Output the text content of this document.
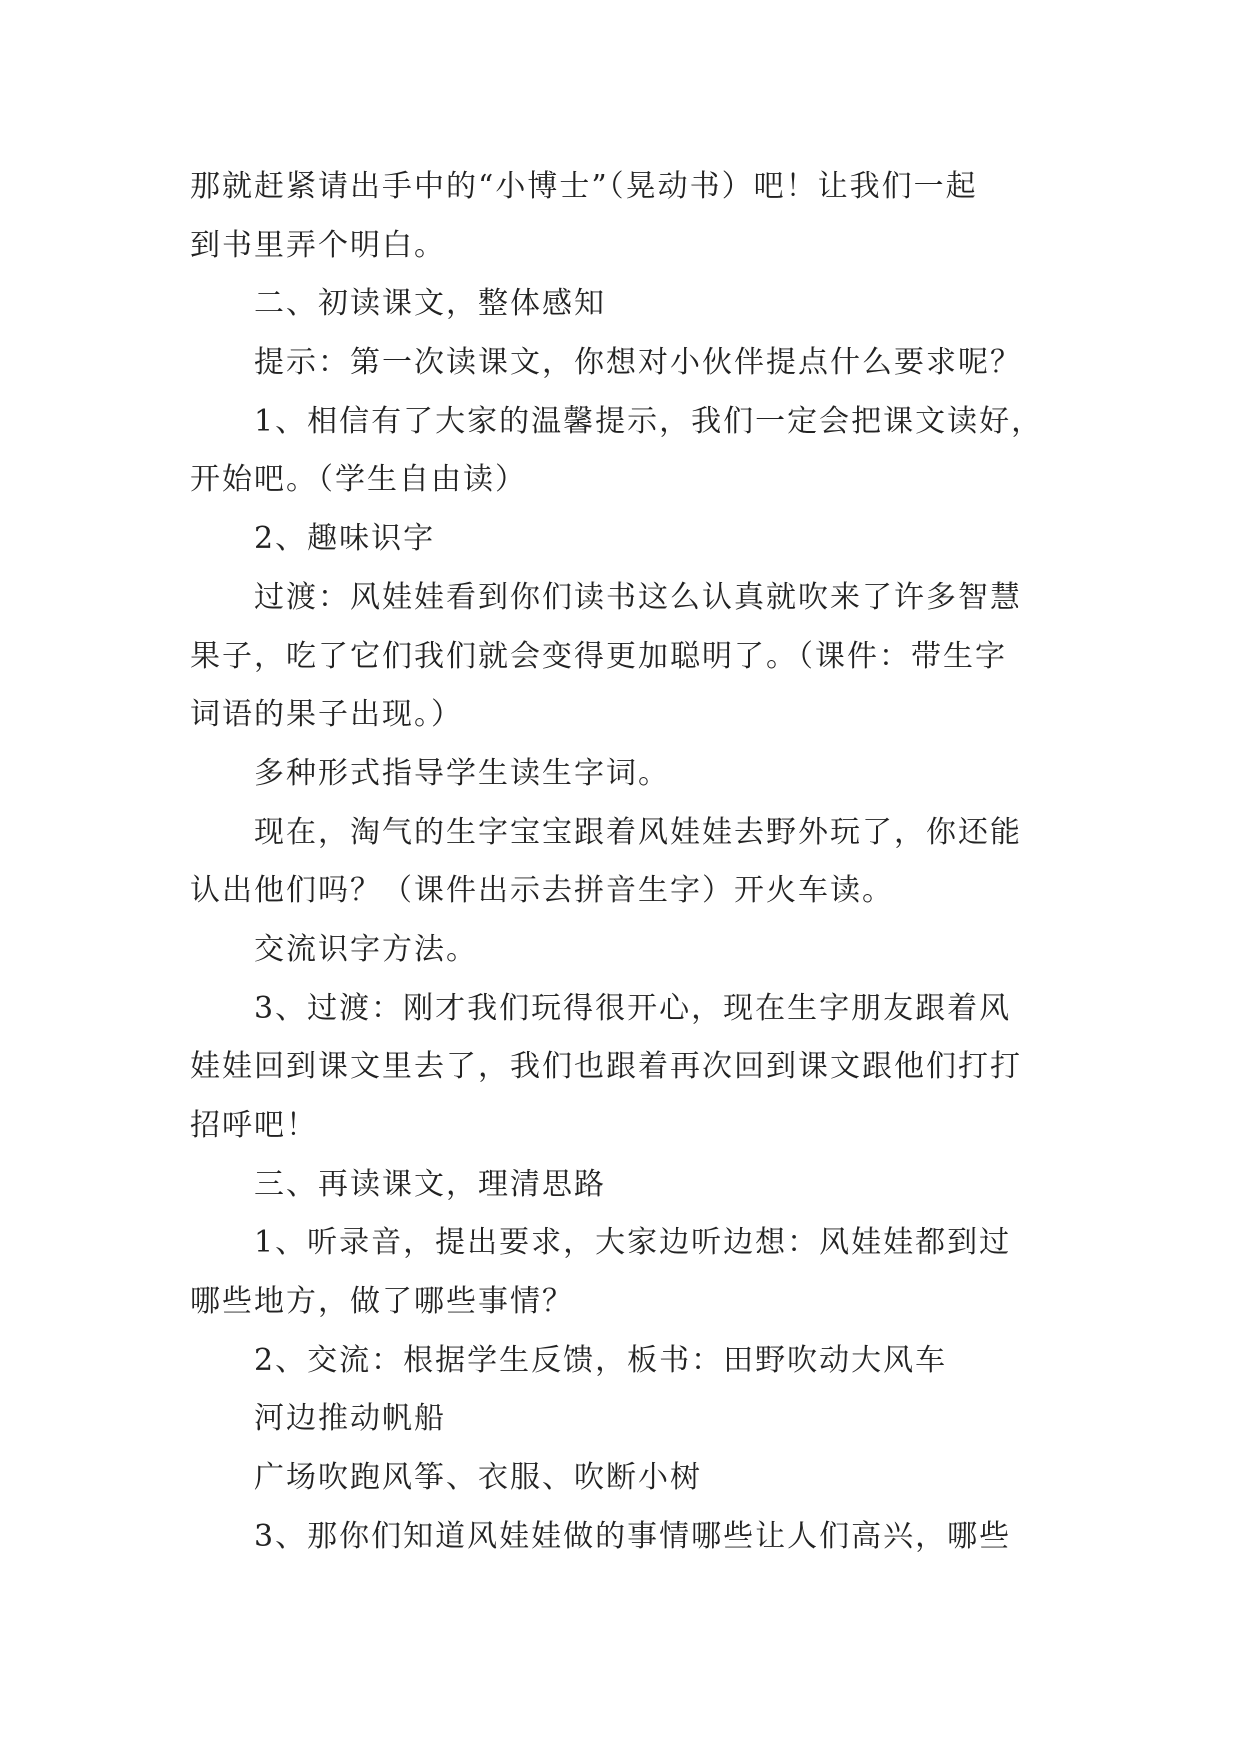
那就赶紧请出手中的“小博士”（晃动书）吧！让我们一起
到书里弄个明白。
二、初读课文，整体感知
提示：第一次读课文，你想对小伙伴提点什么要求呢？
1、相信有了大家的温馨提示，我们一定会把课文读好，
开始吧。（学生自由读）
2、趣味识字
过渡：风娃娃看到你们读书这么认真就吹来了许多智慧
果子，吃了它们我们就会变得更加聪明了。（课件：带生字
词语的果子出现。）
多种形式指导学生读生字词。
现在，淘气的生字宝宝跟着风娃娃去野外玩了，你还能
认出他们吗？（课件出示去拼音生字）开火车读。
交流识字方法。
3、过渡：刚才我们玩得很开心，现在生字朋友跟着风
娃娃回到课文里去了，我们也跟着再次回到课文跟他们打打
招呼吧！
三、再读课文，理清思路
1、听录音，提出要求，大家边听边想：风娃娃都到过
哪些地方，做了哪些事情？
2、交流：根据学生反馈，板书：田野吹动大风车
河边推动帆船
广场吹跑风筝、衣服、吹断小树
3、那你们知道风娃娃做的事情哪些让人们高兴，哪些
